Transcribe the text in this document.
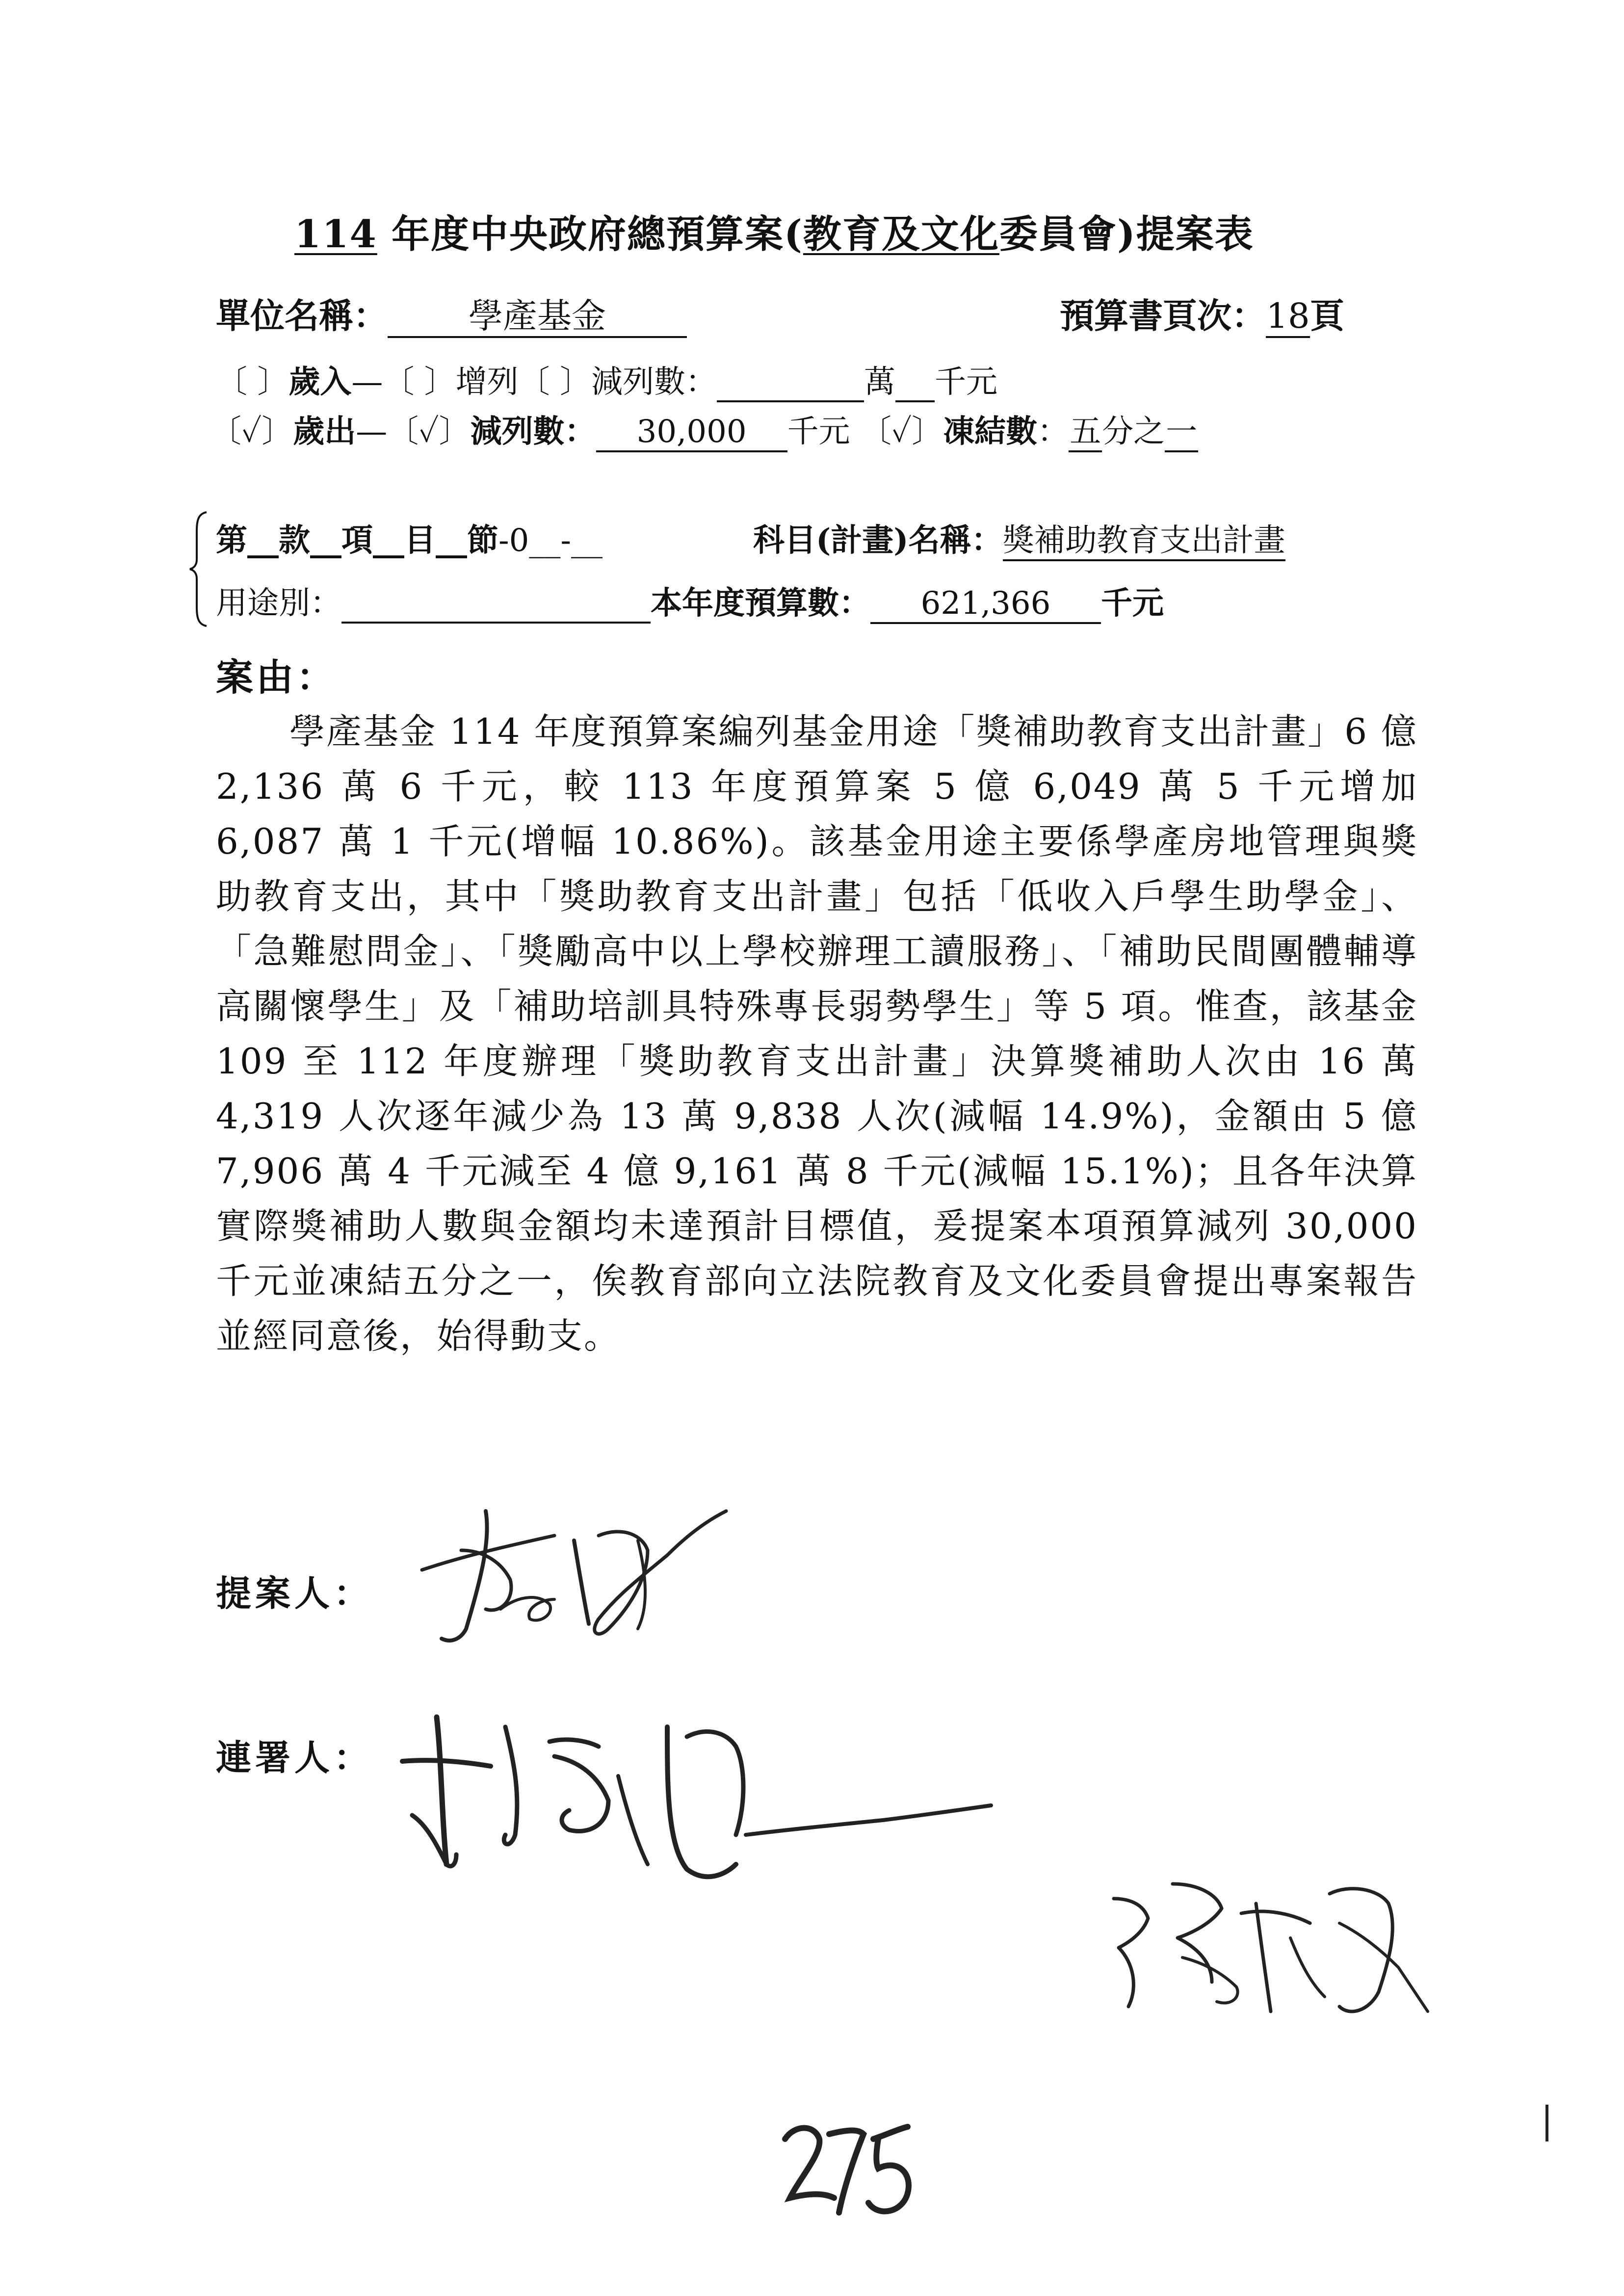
114 年度中央政府總預算案(教育及文化委員會)提案表
單位名稱： 學產基金	預算書頁次：18頁
〔 〕歲入—〔 〕增列〔 〕減列數：	萬 千元
〔✓〕歲出—〔✓〕減列數： 30,000 千元 〔✓〕凍結數：五分之一
第__款__項__目__節-0__-__	科目(計畫)名稱：獎補助教育支出計畫
用途別：	本年度預算數： 621,366 千元
案由：
學產基金 114 年度預算案編列基金用途「獎補助教育支出計畫」6 億 2,136 萬 6 千元，較 113 年度預算案 5 億 6,049 萬 5 千元增加 6,087 萬 1 千元(增幅 10.86%)。該基金用途主要係學產房地管理與獎助教育支出，其中「獎助教育支出計畫」包括「低收入戶學生助學金」、「急難慰問金」、「獎勵高中以上學校辦理工讀服務」、「補助民間團體輔導高關懷學生」及「補助培訓具特殊專長弱勢學生」等 5 項。惟查，該基金 109 至 112 年度辦理「獎助教育支出計畫」決算獎補助人次由 16 萬 4,319 人次逐年減少為 13 萬 9,838 人次(減幅 14.9%)，金額由 5 億 7,906 萬 4 千元減至 4 億 9,161 萬 8 千元(減幅 15.1%)；且各年決算實際獎補助人數與金額均未達預計目標值，爰提案本項預算減列 30,000 千元並凍結五分之一，俟教育部向立法院教育及文化委員會提出專案報告並經同意後，始得動支。
提案人：
連署人：
